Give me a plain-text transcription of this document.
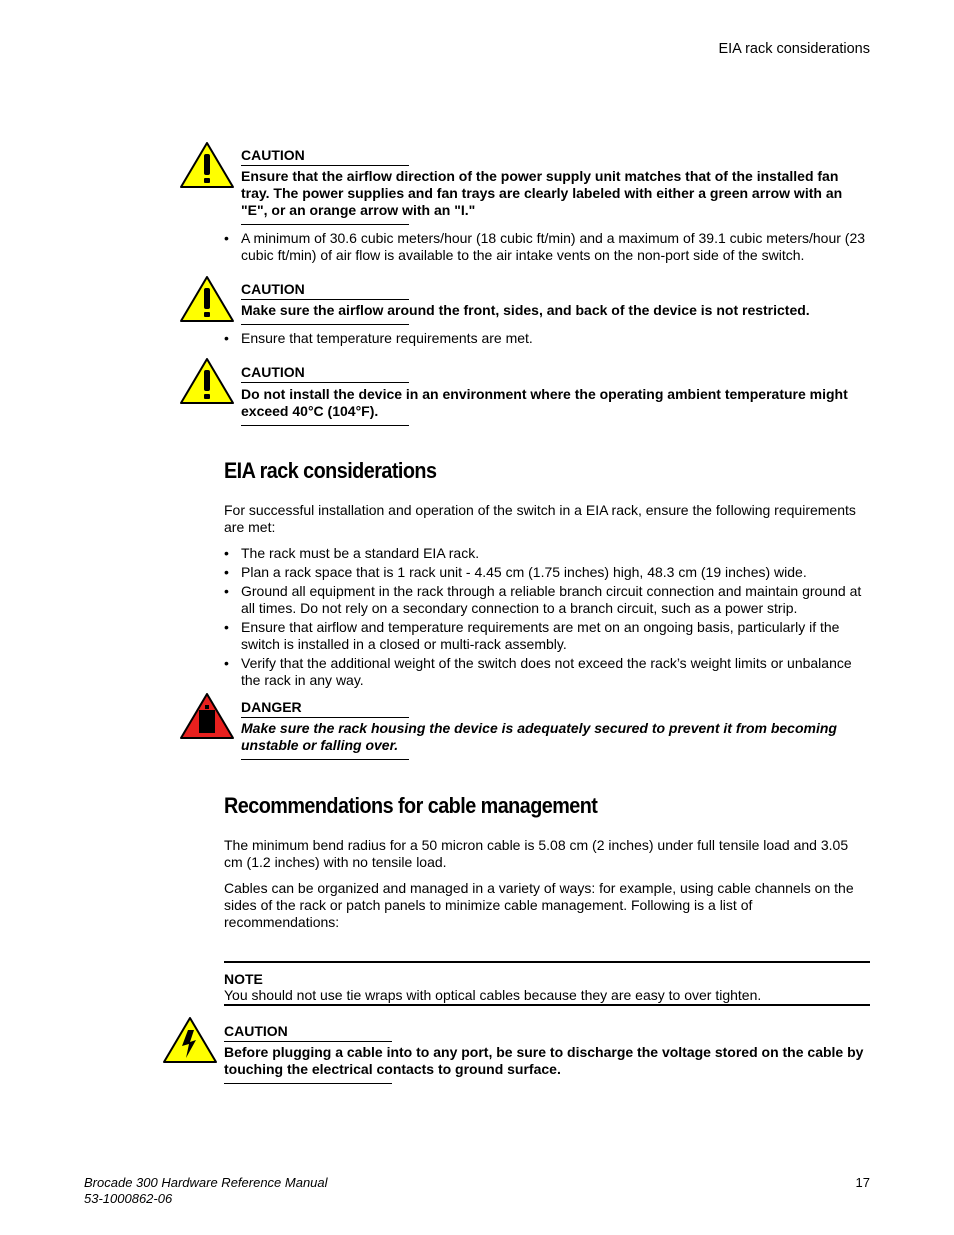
EIA rack considerations
CAUTION
Ensure that the airflow direction of the power supply unit matches that of the installed fan tray. The power supplies and fan trays are clearly labeled with either a green arrow with an "E", or an orange arrow with an "I."
• A minimum of 30.6 cubic meters/hour (18 cubic ft/min) and a maximum of 39.1 cubic meters/hour (23 cubic ft/min) of air flow is available to the air intake vents on the non-port side of the switch.
CAUTION
Make sure the airflow around the front, sides, and back of the device is not restricted.
• Ensure that temperature requirements are met.
CAUTION
Do not install the device in an environment where the operating ambient temperature might exceed 40°C (104°F).
EIA rack considerations
For successful installation and operation of the switch in a EIA rack, ensure the following requirements are met:
• The rack must be a standard EIA rack.
• Plan a rack space that is 1 rack unit - 4.45 cm (1.75 inches) high, 48.3 cm (19 inches) wide.
• Ground all equipment in the rack through a reliable branch circuit connection and maintain ground at all times. Do not rely on a secondary connection to a branch circuit, such as a power strip.
• Ensure that airflow and temperature requirements are met on an ongoing basis, particularly if the switch is installed in a closed or multi-rack assembly.
• Verify that the additional weight of the switch does not exceed the rack’s weight limits or unbalance the rack in any way.
DANGER
Make sure the rack housing the device is adequately secured to prevent it from becoming unstable or falling over.
Recommendations for cable management
The minimum bend radius for a 50 micron cable is 5.08 cm (2 inches) under full tensile load and 3.05 cm (1.2 inches) with no tensile load.
Cables can be organized and managed in a variety of ways: for example, using cable channels on the sides of the rack or patch panels to minimize cable management. Following is a list of recommendations:
NOTE
You should not use tie wraps with optical cables because they are easy to over tighten.
CAUTION
Before plugging a cable into to any port, be sure to discharge the voltage stored on the cable by touching the electrical contacts to ground surface.
Brocade 300 Hardware Reference Manual
53-1000862-06
17
